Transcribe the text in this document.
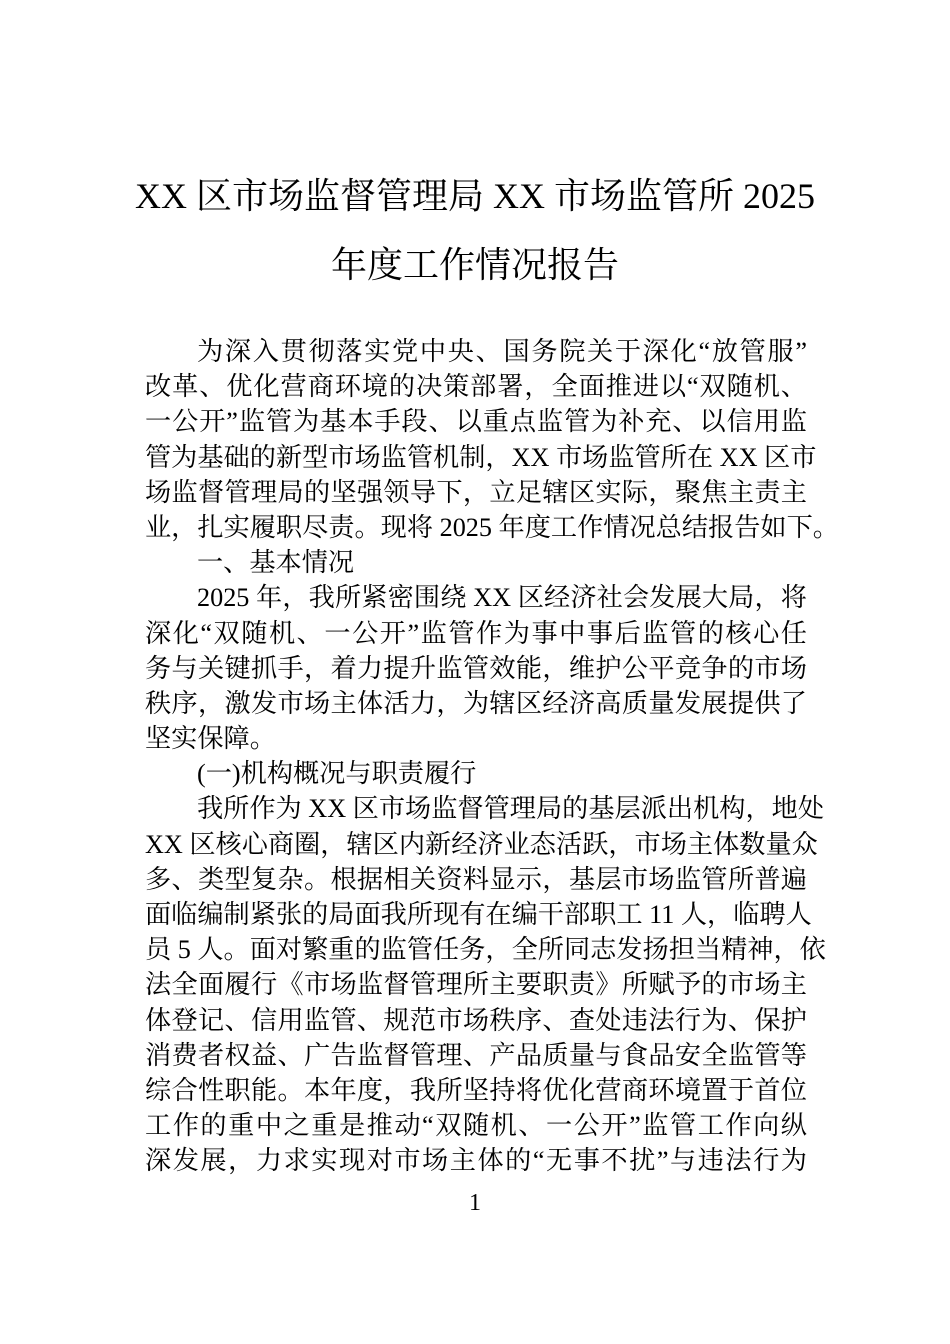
XX 区市场监督管理局 XX 市场监管所 2025
年度工作情况报告
为深入贯彻落实党中央、国务院关于深化“放管服”
改革、优化营商环境的决策部署，全面推进以“双随机、
一公开”监管为基本手段、以重点监管为补充、以信用监
管为基础的新型市场监管机制，XX 市场监管所在 XX 区市
场监督管理局的坚强领导下，立足辖区实际，聚焦主责主
业，扎实履职尽责。现将 2025 年度工作情况总结报告如下。
一、基本情况
2025 年，我所紧密围绕 XX 区经济社会发展大局，将
深化“双随机、一公开”监管作为事中事后监管的核心任
务与关键抓手，着力提升监管效能，维护公平竞争的市场
秩序，激发市场主体活力，为辖区经济高质量发展提供了
坚实保障。
(一)机构概况与职责履行
我所作为 XX 区市场监督管理局的基层派出机构，地处
XX 区核心商圈，辖区内新经济业态活跃，市场主体数量众
多、类型复杂。根据相关资料显示，基层市场监管所普遍
面临编制紧张的局面我所现有在编干部职工 11 人，临聘人
员 5 人。面对繁重的监管任务，全所同志发扬担当精神，依
法全面履行《市场监督管理所主要职责》所赋予的市场主
体登记、信用监管、规范市场秩序、查处违法行为、保护
消费者权益、广告监督管理、产品质量与食品安全监管等
综合性职能。本年度，我所坚持将优化营商环境置于首位
工作的重中之重是推动“双随机、一公开”监管工作向纵
深发展，力求实现对市场主体的“无事不扰”与违法行为
1
